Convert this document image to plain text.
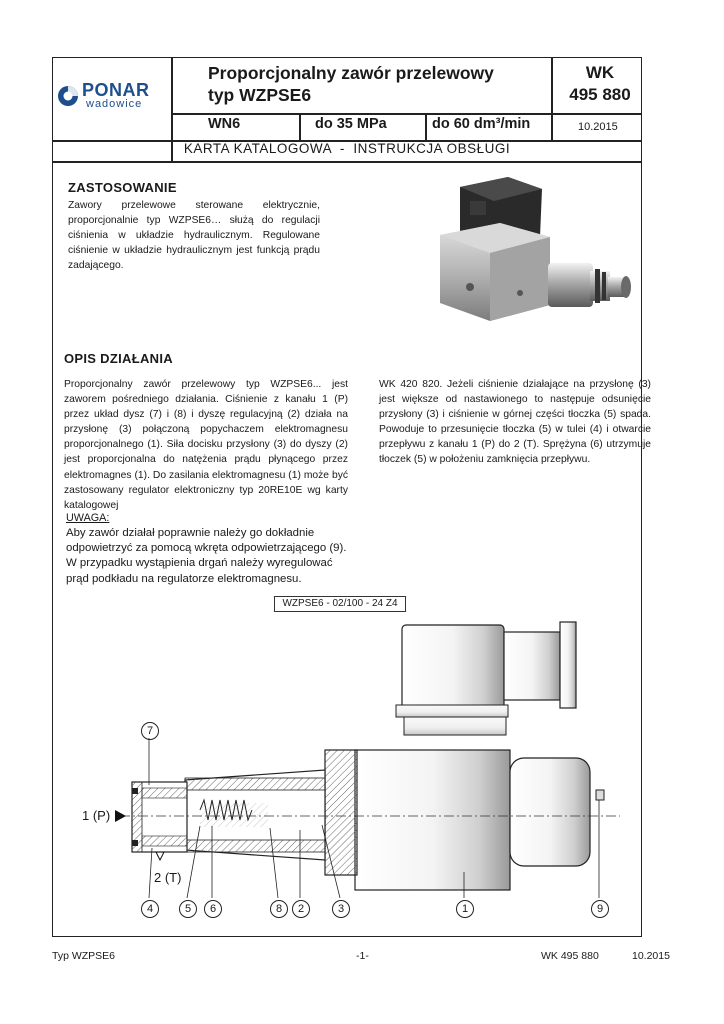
PONAR
wadowice
Proporcjonalny zawór przelewowy
typ WZPSE6
WK
495 880
WN6	do 35 MPa	do 60 dm³/min	10.2015
KARTA KATALOGOWA  -  INSTRUKCJA OBSŁUGI
ZASTOSOWANIE
Zawory przelewowe sterowane elektrycznie, proporcjonalnie typ WZPSE6… służą do regulacji ciśnienia w układzie hydraulicznym. Regulowane ciśnienie w układzie hydraulicznym jest funkcją prądu zadającego.
OPIS DZIAŁANIA
Proporcjonalny zawór przelewowy typ WZPSE6... jest zaworem pośredniego działania. Ciśnienie z kanału 1 (P) przez układ dysz (7) i (8) i dyszę regulacyjną (2) działa na przysłonę (3) połączoną popychaczem elektromagnesu proporcjonalnego (1). Siła docisku przysłony (3) do dyszy (2) jest proporcjonalna do natężenia prądu płynącego przez elektromagnes (1). Do zasilania elektromagnesu (1) może być zastosowany regulator elektroniczny typ 20RE10E wg karty katalogowej
WK 420 820. Jeżeli ciśnienie działające na przysłonę (3) jest większe od nastawionego to następuje odsunięcie przysłony (3) i ciśnienie w górnej części tłoczka (5) spada. Powoduje to przesunięcie tłoczka (5) w tulei (4) i otwarcie przepływu z kanału 1 (P) do 2 (T). Sprężyna (6) utrzymuje tłoczek (5) w położeniu zamknięcia przepływu.
UWAGA:
Aby zawór działał poprawnie należy go dokładnie
odpowietrzyć za pomocą wkręta odpowietrzającego (9).
W przypadku wystąpienia drgań należy wyregulować
prąd podkładu na regulatorze elektromagnesu.
WZPSE6 - 02/100 - 24 Z4
1 (P)
2 (T)
7
4	5	6	8	2	3	1	9
Typ WZPSE6	-1-	WK 495 880	10.2015
